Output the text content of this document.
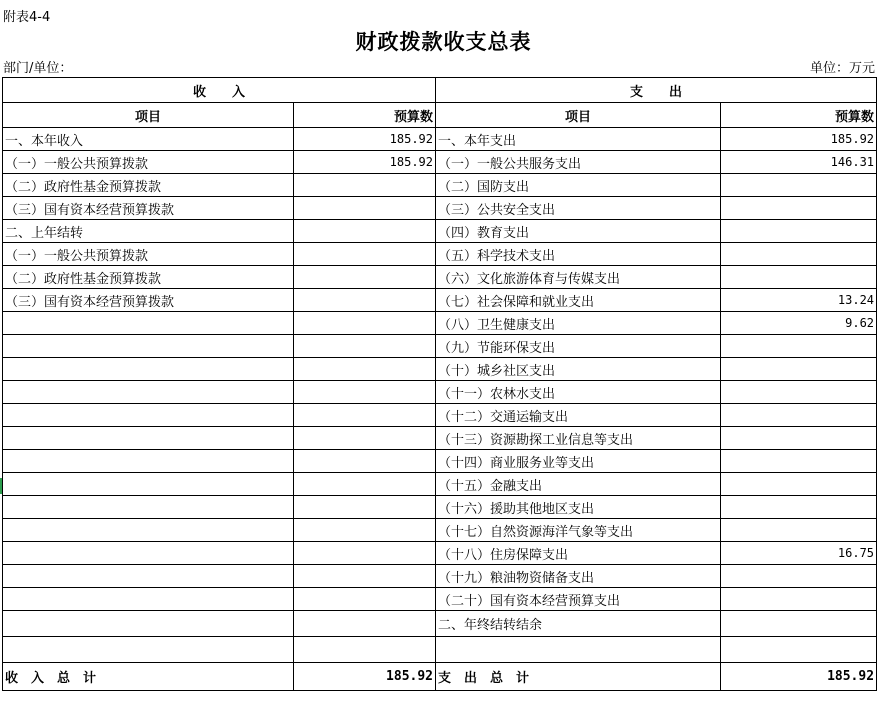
附表4-4
财政拨款收支总表
部门/单位：	单位：万元
收　　入		支　　出	
项目	预算数	项目	预算数
一、本年收入	185.92	一、本年支出	185.92
（一）一般公共预算拨款	185.92	（一）一般公共服务支出	146.31
（二）政府性基金预算拨款		（二）国防支出	
（三）国有资本经营预算拨款		（三）公共安全支出	
二、上年结转		（四）教育支出	
（一）一般公共预算拨款		（五）科学技术支出	
（二）政府性基金预算拨款		（六）文化旅游体育与传媒支出	
（三）国有资本经营预算拨款		（七）社会保障和就业支出	13.24
		（八）卫生健康支出	9.62
		（九）节能环保支出	
		（十）城乡社区支出	
		（十一）农林水支出	
		（十二）交通运输支出	
		（十三）资源勘探工业信息等支出	
		（十四）商业服务业等支出	
		（十五）金融支出	
		（十六）援助其他地区支出	
		（十七）自然资源海洋气象等支出	
		（十八）住房保障支出	16.75
		（十九）粮油物资储备支出	
		（二十）国有资本经营预算支出	
		二、年终结转结余	

收　入　总　计	185.92	支　出　总　计	185.92
